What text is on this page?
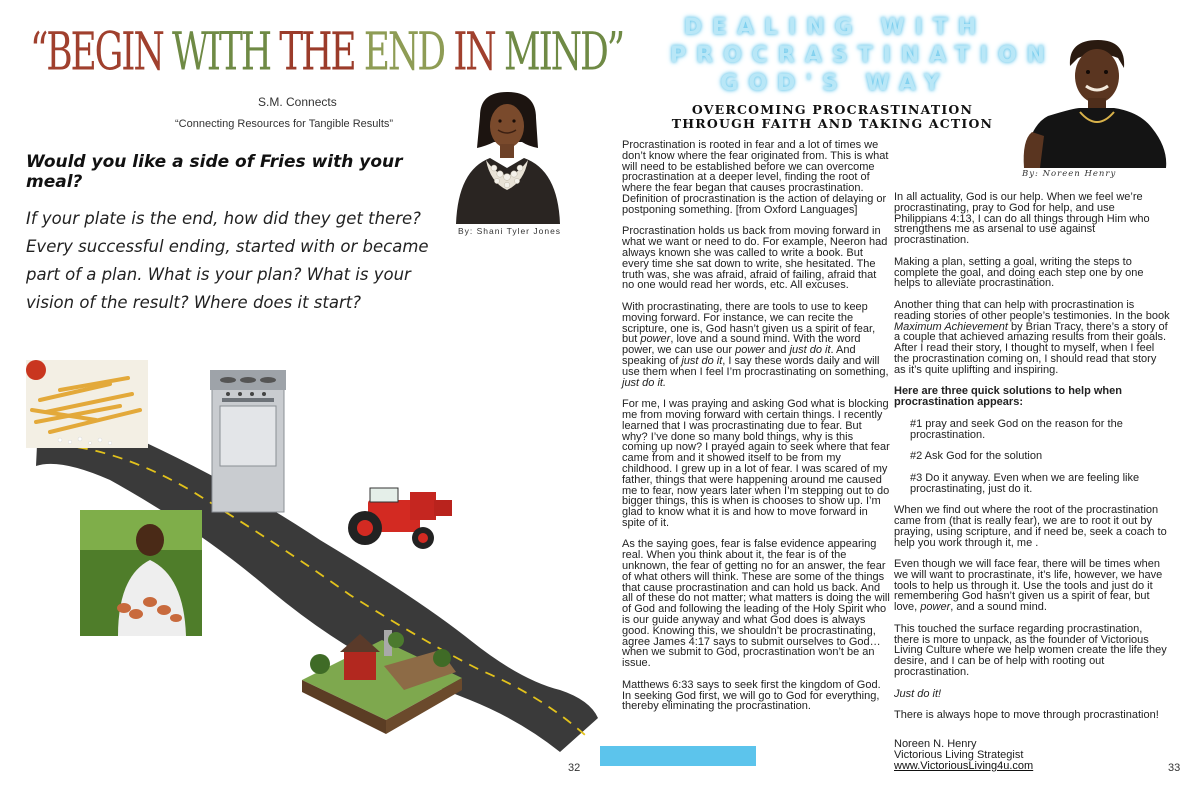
“BEGIN WITH THE END IN MIND”
S.M. Connects
“Connecting Resources for Tangible Results”
By: Shani Tyler Jones
Would you like a side of Fries with your meal?
If your plate is the end, how did they get there? Every successful ending, started with or became part of a plan. What is your plan? What is your vision of the result? Where does it start?
32
DEALING WITH
PROCRASTINATION
GOD'S WAY
OVERCOMING PROCRASTINATION
THROUGH FAITH AND TAKING ACTION
By: Noreen Henry

Procrastination is rooted in fear and a lot of times we don’t know where the fear originated from. This is what will need to be established before we can overcome procrastination at a deeper level, finding the root of where the fear began that causes procrastination.
Definition of procrastination is the action of delaying or postponing something. [from Oxford Languages]

Procrastination holds us back from moving forward in what we want or need to do. For example, Neeron had always known she was called to write a book. But every time she sat down to write, she hesitated. The truth was, she was afraid, afraid of failing, afraid that no one would read her words, etc. All excuses.

With procrastinating, there are tools to use to keep moving forward. For instance, we can recite the scripture, one is, God hasn’t given us a spirit of fear, but power, love and a sound mind. With the word power, we can use our power and just do it. And speaking of just do it, I say these words daily and will use them when I feel I’m procrastinating on something, just do it.

For me, I was praying and asking God what is blocking me from moving forward with certain things. I recently learned that I was procrastinating due to fear. But why? I’ve done so many bold things, why is this coming up now? I prayed again to seek where that fear came from and it showed itself to be from my childhood. I grew up in a lot of fear. I was scared of my father, things that were happening around me caused me to fear, now years later when I’m stepping out to do bigger things, this is when is chooses to show up. I’m glad to know what it is and how to move forward in spite of it.

As the saying goes, fear is false evidence appearing real. When you think about it, the fear is of the unknown, the fear of getting no for an answer, the fear of what others will think. These are some of the things that cause procrastination and can hold us back. And all of these do not matter; what matters is doing the will of God and following the leading of the Holy Spirit who is our guide anyway and what God does is always good. Knowing this, we shouldn’t be procrastinating, agree James 4:17 says to submit ourselves to God… when we submit to God, procrastination won’t be an issue.

Matthews 6:33 says to seek first the kingdom of God. In seeking God first, we will go to God for everything, thereby eliminating the procrastination.

In all actuality, God is our help. When we feel we’re procrastinating, pray to God for help, and use Philippians 4:13, I can do all things through Him who strengthens me as arsenal to use against procrastination.

Making a plan, setting a goal, writing the steps to complete the goal, and doing each step one by one helps to alleviate procrastination.

Another thing that can help with procrastination is reading stories of other people’s testimonies. In the book Maximum Achievement by Brian Tracy, there’s a story of a couple that achieved amazing results from their goals. After I read their story, I thought to myself, when I feel the procrastination coming on, I should read that story as it’s quite uplifting and inspiring.

Here are three quick solutions to help when procrastination appears:

#1 pray and seek God on the reason for the procrastination.

#2 Ask God for the solution

#3 Do it anyway. Even when we are feeling like procrastinating, just do it.

When we find out where the root of the procrastination came from (that is really fear), we are to root it out by praying, using scripture, and if need be, seek a coach to help you work through it, me .

Even though we will face fear, there will be times when we will want to procrastinate, it’s life, however, we have tools to help us through it. Use the tools and just do it remembering God hasn’t given us a spirit of fear, but love, power, and a sound mind.

This touched the surface regarding procrastination, there is more to unpack, as the founder of Victorious Living Culture where we help women create the life they desire, and I can be of help with rooting out procrastination.

Just do it!

There is always hope to move through procrastination!

Noreen N. Henry
Victorious Living Strategist
www.VictoriousLiving4u.com	33
